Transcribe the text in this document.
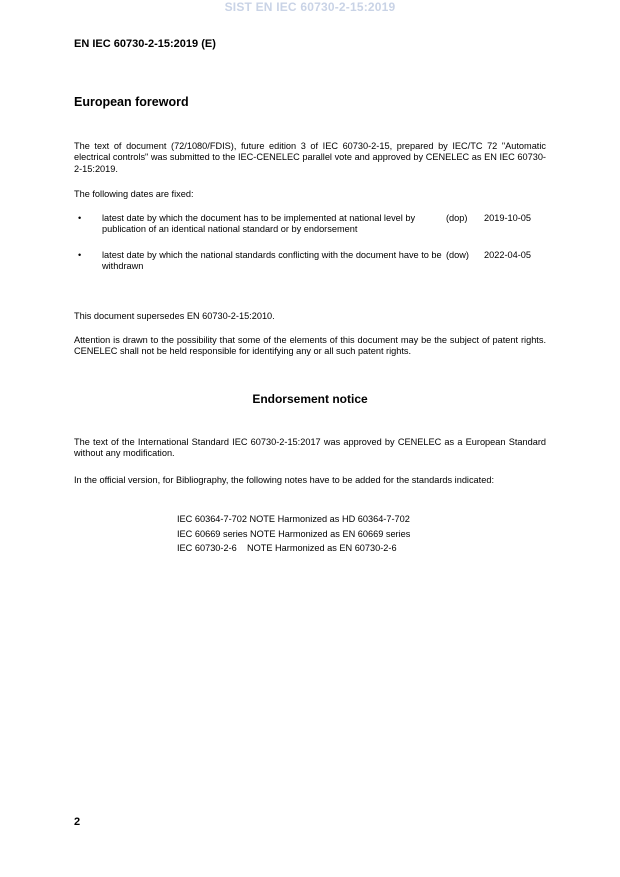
SIST EN IEC 60730-2-15:2019
EN IEC 60730-2-15:2019 (E)
European foreword
The text of document (72/1080/FDIS), future edition 3 of IEC 60730-2-15, prepared by IEC/TC 72 "Automatic electrical controls" was submitted to the IEC-CENELEC parallel vote and approved by CENELEC as EN IEC 60730-2-15:2019.
The following dates are fixed:
• latest date by which the document has to be implemented at national level by publication of an identical national standard or by endorsement
(dop) 2019-10-05
• latest date by which the national standards conflicting with the document have to be withdrawn
(dow) 2022-04-05
This document supersedes EN 60730-2-15:2010.
Attention is drawn to the possibility that some of the elements of this document may be the subject of patent rights. CENELEC shall not be held responsible for identifying any or all such patent rights.
Endorsement notice
The text of the International Standard IEC 60730-2-15:2017 was approved by CENELEC as a European Standard without any modification.
In the official version, for Bibliography, the following notes have to be added for the standards indicated:
IEC 60364-7-702 NOTE Harmonized as HD 60364-7-702
IEC 60669 series NOTE Harmonized as EN 60669 series
IEC 60730-2-6    NOTE Harmonized as EN 60730-2-6
2
